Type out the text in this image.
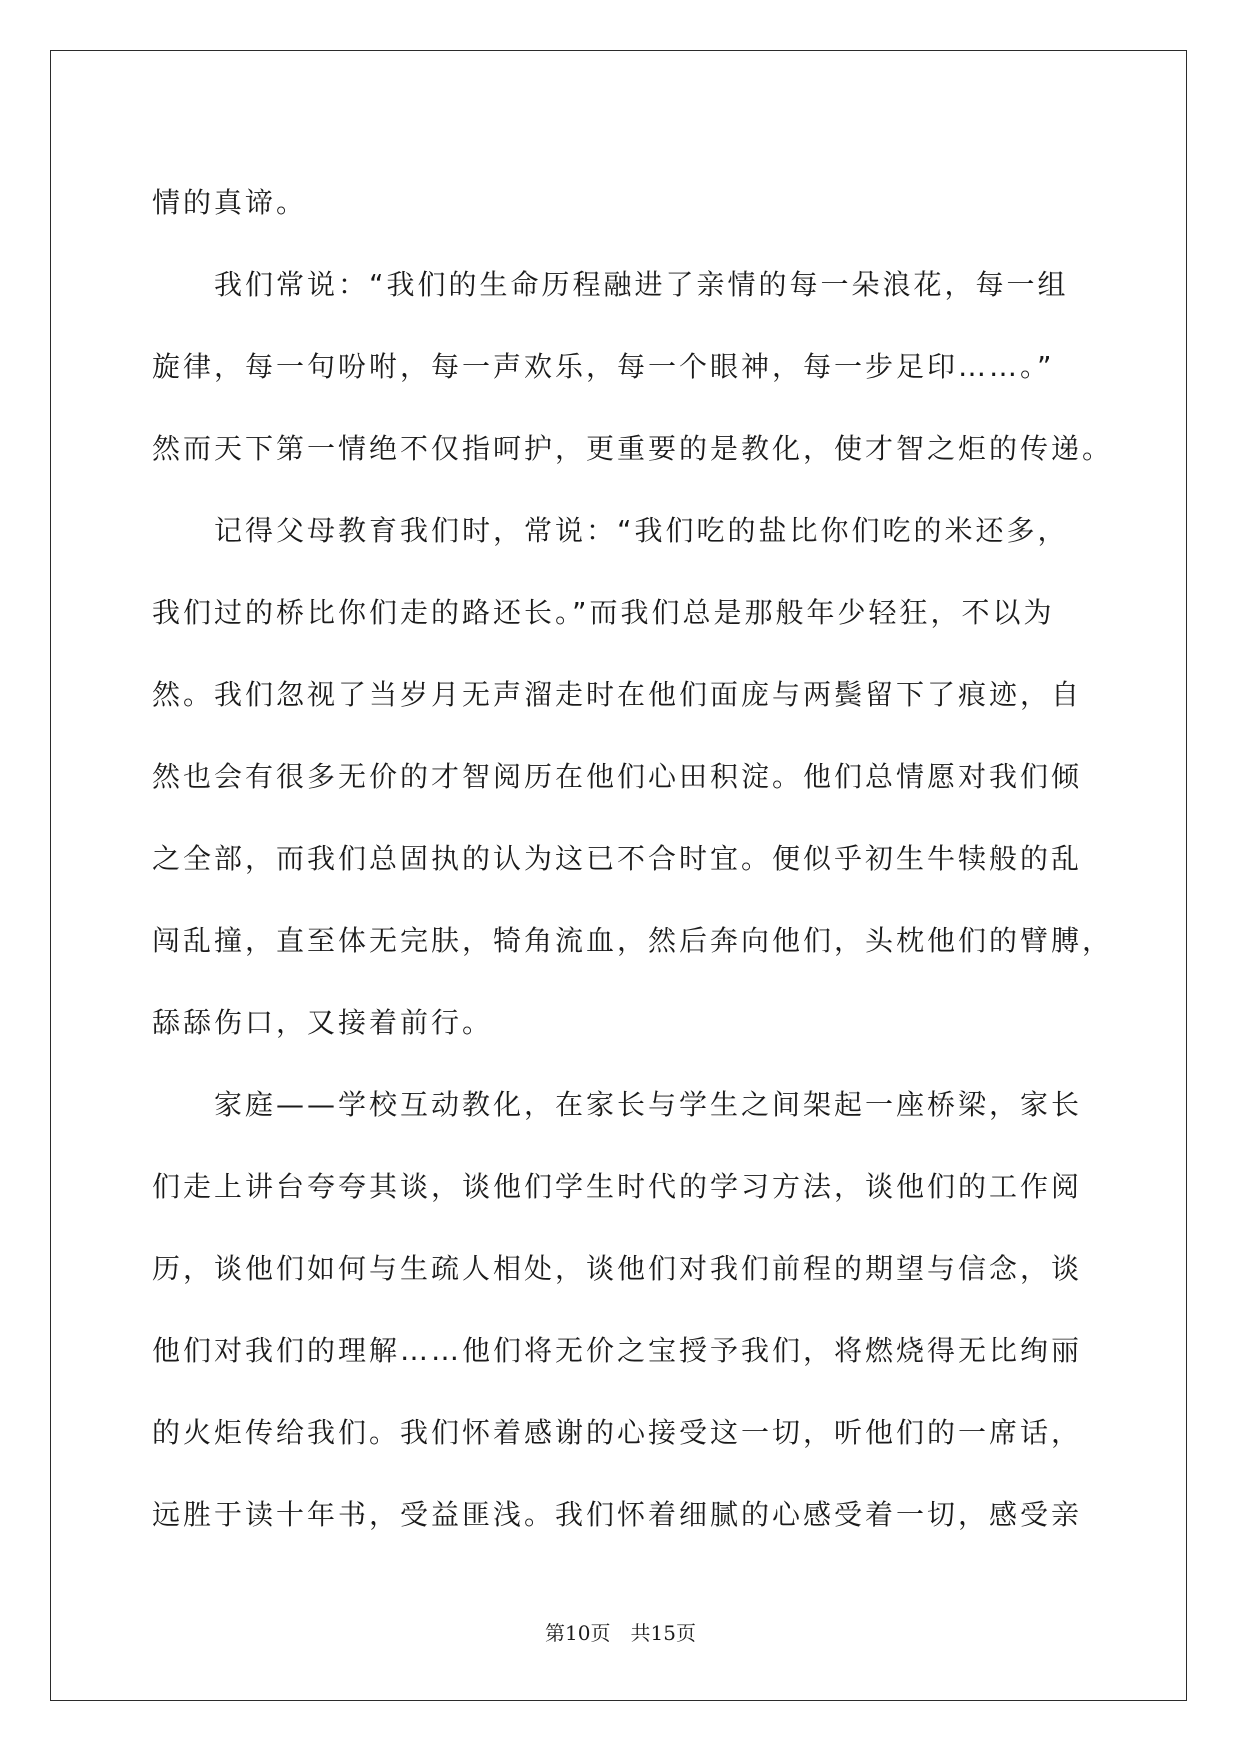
情的真谛。
我们常说：“我们的生命历程融进了亲情的每一朵浪花，每一组
旋律，每一句吩咐，每一声欢乐，每一个眼神，每一步足印……。”
然而天下第一情绝不仅指呵护，更重要的是教化，使才智之炬的传递。
记得父母教育我们时，常说：“我们吃的盐比你们吃的米还多，
我们过的桥比你们走的路还长。”而我们总是那般年少轻狂，不以为
然。我们忽视了当岁月无声溜走时在他们面庞与两鬓留下了痕迹，自
然也会有很多无价的才智阅历在他们心田积淀。他们总情愿对我们倾
之全部，而我们总固执的认为这已不合时宜。便似乎初生牛犊般的乱
闯乱撞，直至体无完肤，犄角流血，然后奔向他们，头枕他们的臂膊，
舔舔伤口，又接着前行。
家庭——学校互动教化，在家长与学生之间架起一座桥梁，家长
们走上讲台夸夸其谈，谈他们学生时代的学习方法，谈他们的工作阅
历，谈他们如何与生疏人相处，谈他们对我们前程的期望与信念，谈
他们对我们的理解……他们将无价之宝授予我们，将燃烧得无比绚丽
的火炬传给我们。我们怀着感谢的心接受这一切，听他们的一席话，
远胜于读十年书，受益匪浅。我们怀着细腻的心感受着一切，感受亲
第10页　共15页
